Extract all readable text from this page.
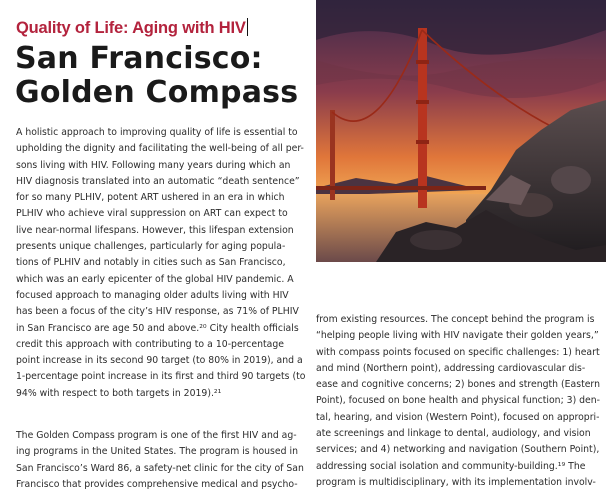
Quality of Life: Aging with HIV
San Francisco:
Golden Compass
A holistic approach to improving quality of life is essential to
upholding the dignity and facilitating the well-being of all per-
sons living with HIV. Following many years during which an
HIV diagnosis translated into an automatic “death sentence”
for so many PLHIV, potent ART ushered in an era in which
PLHIV who achieve viral suppression on ART can expect to
live near-normal lifespans. However, this lifespan extension
presents unique challenges, particularly for aging popula-
tions of PLHIV and notably in cities such as San Francisco,
which was an early epicenter of the global HIV pandemic. A
focused approach to managing older adults living with HIV
has been a focus of the city’s HIV response, as 71% of PLHIV
in San Francisco are age 50 and above.²⁰ City health officials
credit this approach with contributing to a 10-percentage
point increase in its second 90 target (to 80% in 2019), and a
1-percentage point increase in its first and third 90 targets (to
94% with respect to both targets in 2019).²¹
The Golden Compass program is one of the first HIV and ag-
ing programs in the United States. The program is housed in
San Francisco’s Ward 86, a safety-net clinic for the city of San
Francisco that provides comprehensive medical and psycho-
from existing resources. The concept behind the program is
“helping people living with HIV navigate their golden years,”
with compass points focused on specific challenges: 1) heart
and mind (Northern point), addressing cardiovascular dis-
ease and cognitive concerns; 2) bones and strength (Eastern
Point), focused on bone health and physical function; 3) den-
tal, hearing, and vision (Western Point), focused on appropri-
ate screenings and linkage to dental, audiology, and vision
services; and 4) networking and navigation (Southern Point),
addressing social isolation and community-building.¹⁹ The
program is multidisciplinary, with its implementation involv-
